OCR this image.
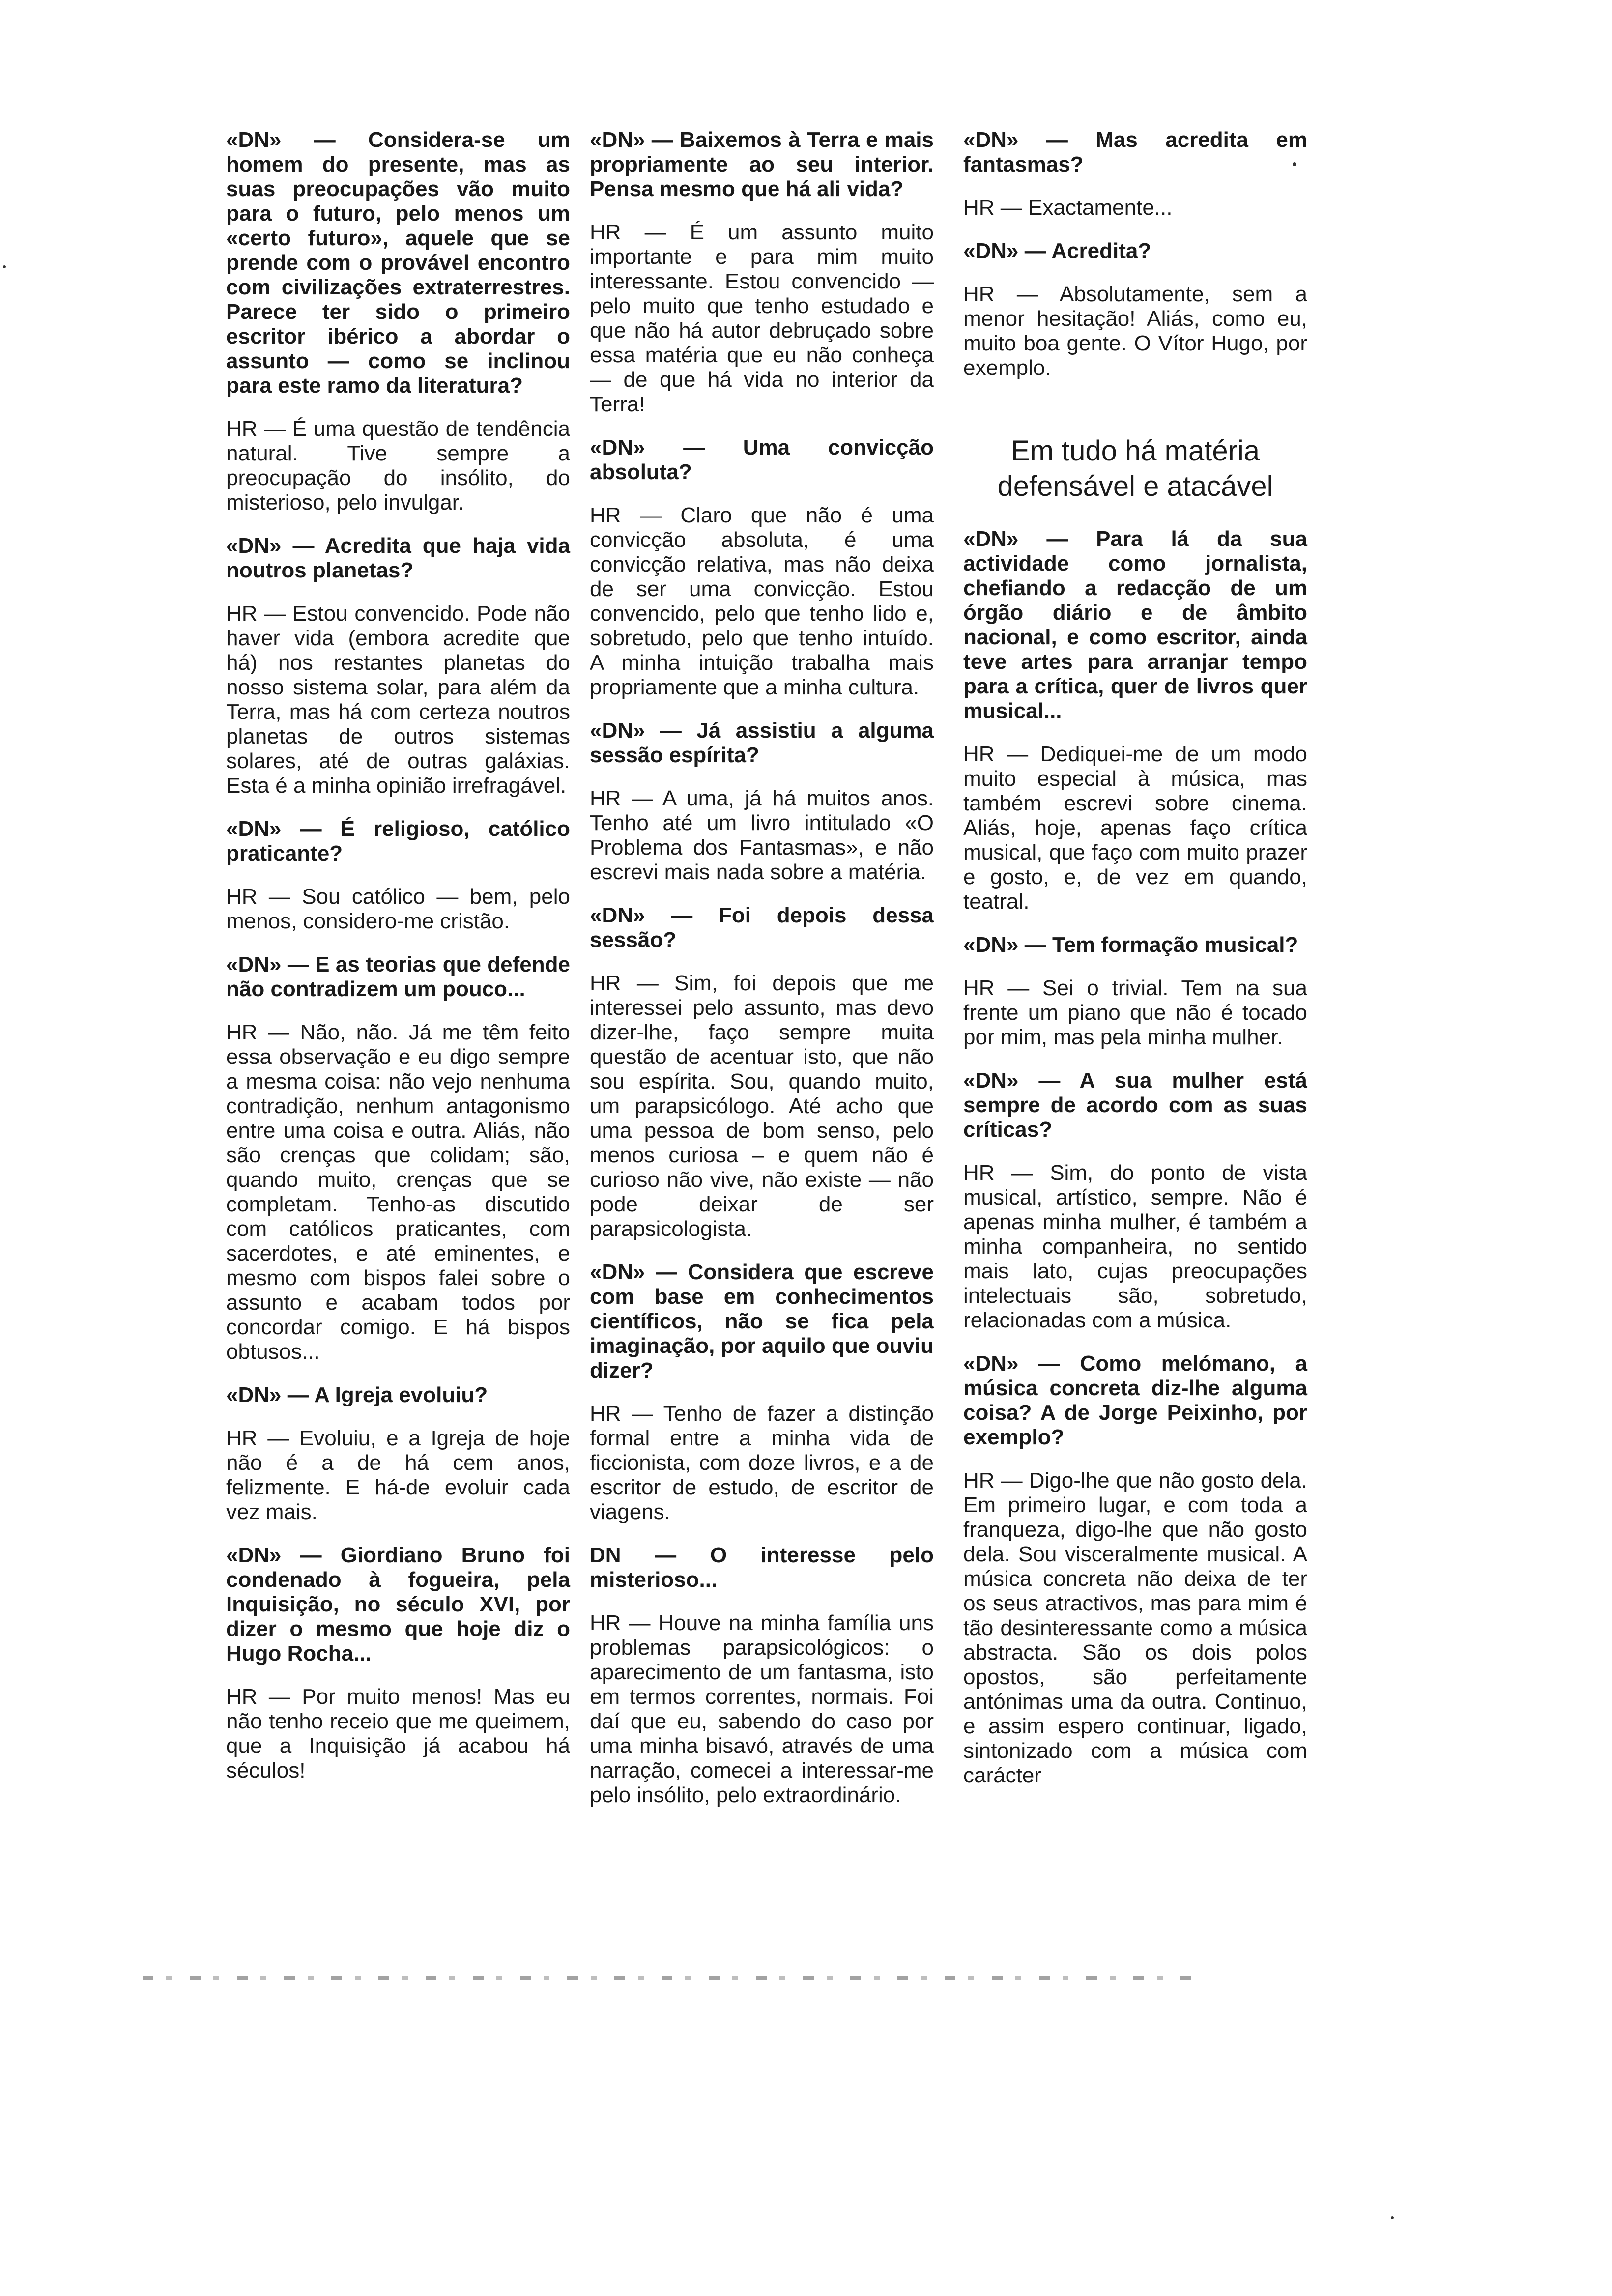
«DN» — Considera-se um homem do presente, mas as suas preocupações vão muito para o futuro, pelo menos um «certo futuro», aquele que se prende com o provável encontro com civilizações extraterrestres. Parece ter sido o primeiro escritor ibérico a abordar o assunto — como se inclinou para este ramo da literatura?

HR — É uma questão de tendência natural. Tive sempre a preocupação do insólito, do misterioso, pelo invulgar.

«DN» — Acredita que haja vida noutros planetas?

HR — Estou convencido. Pode não haver vida (embora acredite que há) nos restantes planetas do nosso sistema solar, para além da Terra, mas há com certeza noutros planetas de outros sistemas solares, até de outras galáxias. Esta é a minha opinião irrefragável.

«DN» — É religioso, católico praticante?

HR — Sou católico — bem, pelo menos, considero-me cristão.

«DN» — E as teorias que defende não contradizem um pouco...

HR — Não, não. Já me têm feito essa observação e eu digo sempre a mesma coisa: não vejo nenhuma contradição, nenhum antagonismo entre uma coisa e outra. Aliás, não são crenças que colidam; são, quando muito, crenças que se completam. Tenho-as discutido com católicos praticantes, com sacerdotes, e até eminentes, e mesmo com bispos falei sobre o assunto e acabam todos por concordar comigo. E há bispos obtusos...

«DN» — A Igreja evoluiu?

HR — Evoluiu, e a Igreja de hoje não é a de há cem anos, felizmente. E há-de evoluir cada vez mais.

«DN» — Giordiano Bruno foi condenado à fogueira, pela Inquisição, no século XVI, por dizer o mesmo que hoje diz o Hugo Rocha...

HR — Por muito menos! Mas eu não tenho receio que me queimem, que a Inquisição já acabou há séculos!

«DN» — Baixemos à Terra e mais propriamente ao seu interior. Pensa mesmo que há ali vida?

HR — É um assunto muito importante e para mim muito interessante. Estou convencido — pelo muito que tenho estudado e que não há autor debruçado sobre essa matéria que eu não conheça — de que há vida no interior da Terra!

«DN» — Uma convicção absoluta?

HR — Claro que não é uma convicção absoluta, é uma convicção relativa, mas não deixa de ser uma convicção. Estou convencido, pelo que tenho lido e, sobretudo, pelo que tenho intuído. A minha intuição trabalha mais propriamente que a minha cultura.

«DN» — Já assistiu a alguma sessão espírita?

HR — A uma, já há muitos anos. Tenho até um livro intitulado «O Problema dos Fantasmas», e não escrevi mais nada sobre a matéria.

«DN» — Foi depois dessa sessão?

HR — Sim, foi depois que me interessei pelo assunto, mas devo dizer-lhe, faço sempre muita questão de acentuar isto, que não sou espírita. Sou, quando muito, um parapsicólogo. Até acho que uma pessoa de bom senso, pelo menos curiosa – e quem não é curioso não vive, não existe — não pode deixar de ser parapsicologista.

«DN» — Considera que escreve com base em conhecimentos científicos, não se fica pela imaginação, por aquilo que ouviu dizer?

HR — Tenho de fazer a distinção formal entre a minha vida de ficcionista, com doze livros, e a de escritor de estudo, de escritor de viagens.

DN — O interesse pelo misterioso...

HR — Houve na minha família uns problemas parapsicológicos: o aparecimento de um fantasma, isto em termos correntes, normais. Foi daí que eu, sabendo do caso por uma minha bisavó, através de uma narração, comecei a interessar-me pelo insólito, pelo extraordinário.

«DN» — Mas acredita em fantasmas?

HR — Exactamente...

«DN» — Acredita?

HR — Absolutamente, sem a menor hesitação! Aliás, como eu, muito boa gente. O Vítor Hugo, por exemplo.

Em tudo há matéria defensável e atacável

«DN» — Para lá da sua actividade como jornalista, chefiando a redacção de um órgão diário e de âmbito nacional, e como escritor, ainda teve artes para arranjar tempo para a crítica, quer de livros quer musical...

HR — Dediquei-me de um modo muito especial à música, mas também escrevi sobre cinema. Aliás, hoje, apenas faço crítica musical, que faço com muito prazer e gosto, e, de vez em quando, teatral.

«DN» — Tem formação musical?

HR — Sei o trivial. Tem na sua frente um piano que não é tocado por mim, mas pela minha mulher.

«DN» — A sua mulher está sempre de acordo com as suas críticas?

HR — Sim, do ponto de vista musical, artístico, sempre. Não é apenas minha mulher, é também a minha companheira, no sentido mais lato, cujas preocupações intelectuais são, sobretudo, relacionadas com a música.

«DN» — Como melómano, a música concreta diz-lhe alguma coisa? A de Jorge Peixinho, por exemplo?

HR — Digo-lhe que não gosto dela. Em primeiro lugar, e com toda a franqueza, digo-lhe que não gosto dela. Sou visceralmente musical. A música concreta não deixa de ter os seus atractivos, mas para mim é tão desinteressante como a música abstracta. São os dois polos opostos, são perfeitamente antónimas uma da outra. Continuo, e assim espero continuar, ligado, sintonizado com a música com carácter
